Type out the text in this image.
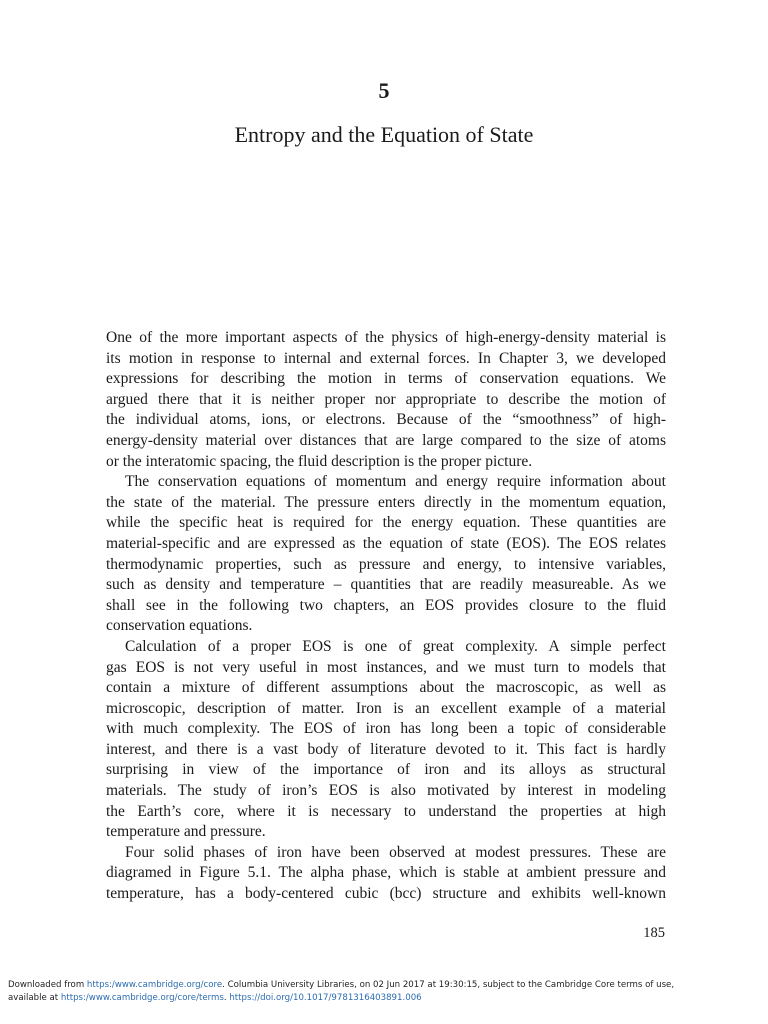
5
Entropy and the Equation of State

One of the more important aspects of the physics of high-energy-density material is
its motion in response to internal and external forces. In Chapter 3, we developed
expressions for describing the motion in terms of conservation equations. We
argued there that it is neither proper nor appropriate to describe the motion of
the individual atoms, ions, or electrons. Because of the “smoothness” of high-
energy-density material over distances that are large compared to the size of atoms
or the interatomic spacing, the fluid description is the proper picture.

The conservation equations of momentum and energy require information about
the state of the material. The pressure enters directly in the momentum equation,
while the specific heat is required for the energy equation. These quantities are
material-specific and are expressed as the equation of state (EOS). The EOS relates
thermodynamic properties, such as pressure and energy, to intensive variables,
such as density and temperature – quantities that are readily measureable. As we
shall see in the following two chapters, an EOS provides closure to the fluid
conservation equations.

Calculation of a proper EOS is one of great complexity. A simple perfect
gas EOS is not very useful in most instances, and we must turn to models that
contain a mixture of different assumptions about the macroscopic, as well as
microscopic, description of matter. Iron is an excellent example of a material
with much complexity. The EOS of iron has long been a topic of considerable
interest, and there is a vast body of literature devoted to it. This fact is hardly
surprising in view of the importance of iron and its alloys as structural
materials. The study of iron’s EOS is also motivated by interest in modeling
the Earth’s core, where it is necessary to understand the properties at high
temperature and pressure.

Four solid phases of iron have been observed at modest pressures. These are
diagramed in Figure 5.1. The alpha phase, which is stable at ambient pressure and
temperature, has a body-centered cubic (bcc) structure and exhibits well-known

185
Downloaded from https:/www.cambridge.org/core. Columbia University Libraries, on 02 Jun 2017 at 19:30:15, subject to the Cambridge Core terms of use,
available at https:/www.cambridge.org/core/terms. https://doi.org/10.1017/9781316403891.006
